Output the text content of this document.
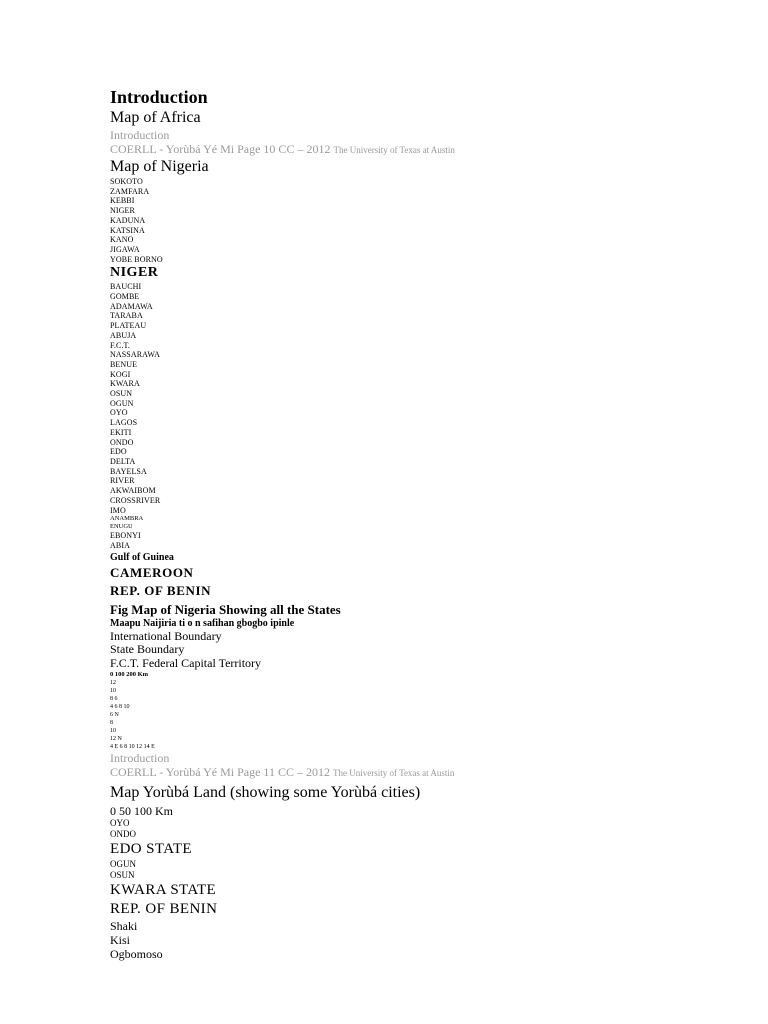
Introduction
Map of Africa
Introduction
COERLL - Yorùbá Yé Mi Page 10 CC – 2012 The University of Texas at Austin
Map of Nigeria
SOKOTO
ZAMFARA
KEBBI
NIGER
KADUNA
KATSINA
KANO
JIGAWA
YOBE BORNO
NIGER
BAUCHI
GOMBE
ADAMAWA
TARABA
PLATEAU
ABUJA
F.C.T.
NASSARAWA
BENUE
KOGI
KWARA
OSUN
OGUN
OYO
LAGOS
EKITI
ONDO
EDO
DELTA
BAYELSA
RIVER
AKWAIBOM
CROSSRIVER
IMO
ANAMBRA
ENUGU
EBONYI
ABIA
Gulf of Guinea
CAMEROON
REP. OF BENIN
Fig Map of Nigeria Showing all the States
Maapu Naijiria ti o n safihan gbogbo ipinle
International Boundary
State Boundary
F.C.T. Federal Capital Territory
0 100 200 Km
12
10
8 6
4 6 8 10
6 N
8
10
12 N
4 E 6 8 10 12 14 E
Introduction
COERLL - Yorùbá Yé Mi Page 11 CC – 2012 The University of Texas at Austin
Map Yorùbá Land (showing some Yorùbá cities)
0 50 100 Km
OYO
ONDO
EDO STATE
OGUN
OSUN
KWARA STATE
REP. OF BENIN
Shaki
Kisi
Ogbomoso
